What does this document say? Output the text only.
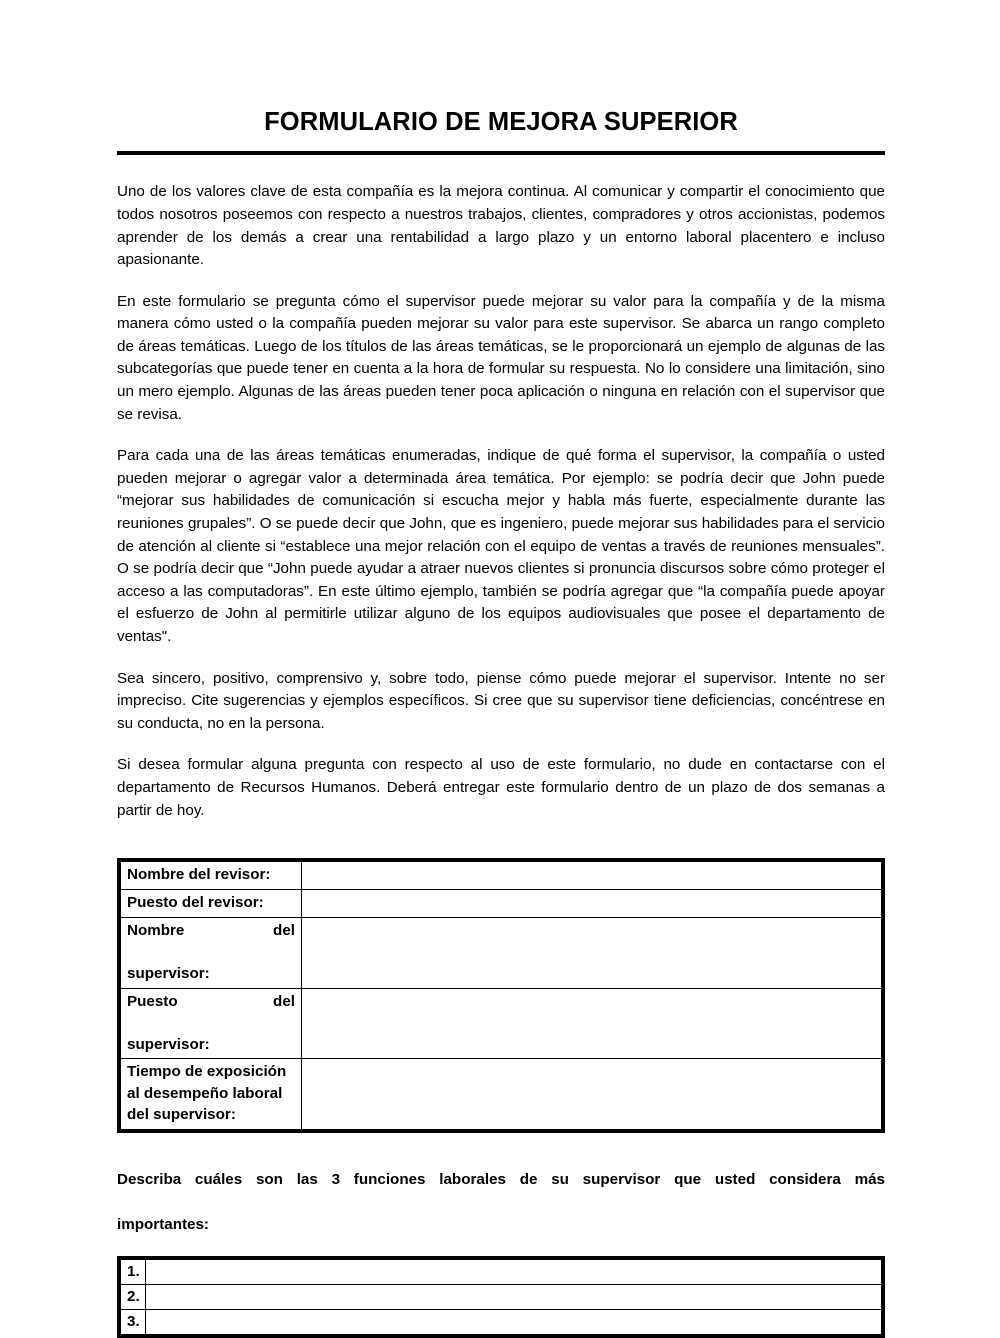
FORMULARIO DE MEJORA SUPERIOR

Uno de los valores clave de esta compañía es la mejora continua. Al comunicar y compartir el conocimiento que todos nosotros poseemos con respecto a nuestros trabajos, clientes, compradores y otros accionistas, podemos aprender de los demás a crear una rentabilidad a largo plazo y un entorno laboral placentero e incluso apasionante.

En este formulario se pregunta cómo el supervisor puede mejorar su valor para la compañía y de la misma manera cómo usted o la compañía pueden mejorar su valor para este supervisor. Se abarca un rango completo de áreas temáticas. Luego de los títulos de las áreas temáticas, se le proporcionará un ejemplo de algunas de las subcategorías que puede tener en cuenta a la hora de formular su respuesta. No lo considere una limitación, sino un mero ejemplo. Algunas de las áreas pueden tener poca aplicación o ninguna en relación con el supervisor que se revisa.

Para cada una de las áreas temáticas enumeradas, indique de qué forma el supervisor, la compañía o usted pueden mejorar o agregar valor a determinada área temática. Por ejemplo: se podría decir que John puede “mejorar sus habilidades de comunicación si escucha mejor y habla más fuerte, especialmente durante las reuniones grupales”. O se puede decir que John, que es ingeniero, puede mejorar sus habilidades para el servicio de atención al cliente si “establece una mejor relación con el equipo de ventas a través de reuniones mensuales”. O se podría decir que “John puede ayudar a atraer nuevos clientes si pronuncia discursos sobre cómo proteger el acceso a las computadoras”. En este último ejemplo, también se podría agregar que “la compañía puede apoyar el esfuerzo de John al permitirle utilizar alguno de los equipos audiovisuales que posee el departamento de ventas".

Sea sincero, positivo, comprensivo y, sobre todo, piense cómo puede mejorar el supervisor. Intente no ser impreciso. Cite sugerencias y ejemplos específicos. Si cree que su supervisor tiene deficiencias, concéntrese en su conducta, no en la persona.

Si desea formular alguna pregunta con respecto al uso de este formulario, no dude en contactarse con el departamento de Recursos Humanos. Deberá entregar este formulario dentro de un plazo de dos semanas a partir de hoy.

Nombre del revisor:	
Puesto del revisor:	

Nombre del
supervisor:	

Puesto del
supervisor:	
Tiempo de exposición al desempeño laboral del supervisor:	
Describa cuáles son las 3 funciones laborales de su supervisor que usted considera más
importantes:
1.	
2.	
3.	
